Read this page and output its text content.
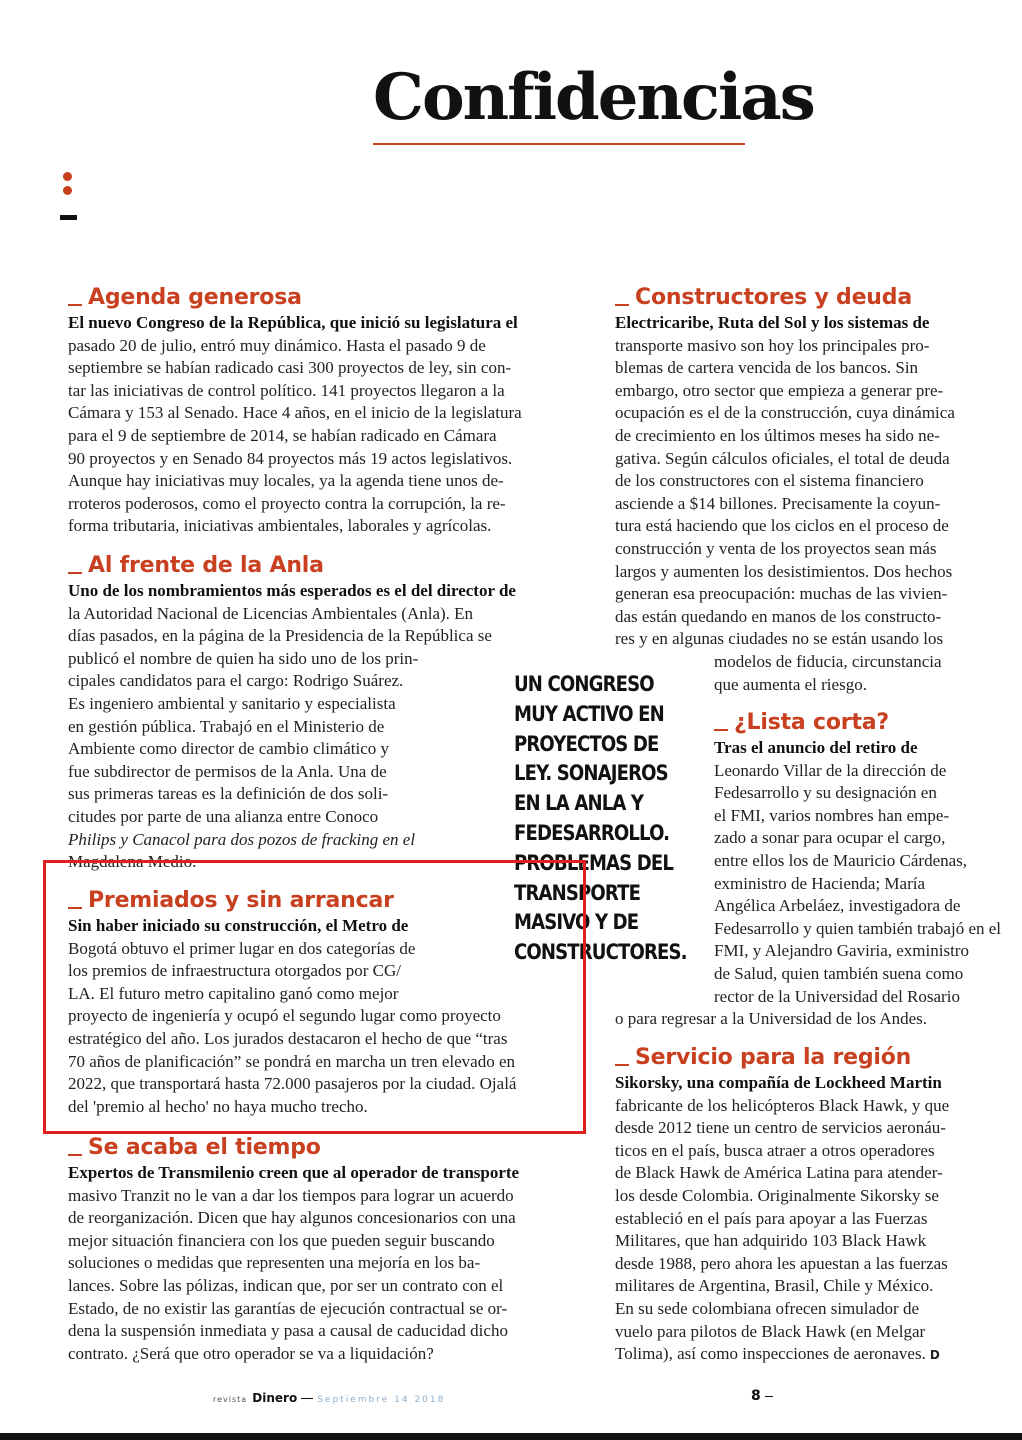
Confidencias
Agenda generosa
El nuevo Congreso de la República, que inició su legislatura el
pasado 20 de julio, entró muy dinámico. Hasta el pasado 9 de
septiembre se habían radicado casi 300 proyectos de ley, sin con-
tar las iniciativas de control político. 141 proyectos llegaron a la
Cámara y 153 al Senado. Hace 4 años, en el inicio de la legislatura
para el 9 de septiembre de 2014, se habían radicado en Cámara
90 proyectos y en Senado 84 proyectos más 19 actos legislativos.
Aunque hay iniciativas muy locales, ya la agenda tiene unos de-
rroteros poderosos, como el proyecto contra la corrupción, la re-
forma tributaria, iniciativas ambientales, laborales y agrícolas.
Al frente de la Anla
Uno de los nombramientos más esperados es el del director de
la Autoridad Nacional de Licencias Ambientales (Anla). En
días pasados, en la página de la Presidencia de la República se
publicó el nombre de quien ha sido uno de los prin-
cipales candidatos para el cargo: Rodrigo Suárez.
Es ingeniero ambiental y sanitario y especialista
en gestión pública. Trabajó en el Ministerio de
Ambiente como director de cambio climático y
fue subdirector de permisos de la Anla. Una de
sus primeras tareas es la definición de dos soli-
citudes por parte de una alianza entre Conoco
Philips y Canacol para dos pozos de fracking en el
Magdalena Medio.
Premiados y sin arrancar
Sin haber iniciado su construcción, el Metro de
Bogotá obtuvo el primer lugar en dos categorías de
los premios de infraestructura otorgados por CG/
LA. El futuro metro capitalino ganó como mejor
proyecto de ingeniería y ocupó el segundo lugar como proyecto
estratégico del año. Los jurados destacaron el hecho de que “tras
70 años de planificación” se pondrá en marcha un tren elevado en
2022, que transportará hasta 72.000 pasajeros por la ciudad. Ojalá
del 'premio al hecho' no haya mucho trecho.
Se acaba el tiempo
Expertos de Transmilenio creen que al operador de transporte
masivo Tranzit no le van a dar los tiempos para lograr un acuerdo
de reorganización. Dicen que hay algunos concesionarios con una
mejor situación financiera con los que pueden seguir buscando
soluciones o medidas que representen una mejoría en los ba-
lances. Sobre las pólizas, indican que, por ser un contrato con el
Estado, de no existir las garantías de ejecución contractual se or-
dena la suspensión inmediata y pasa a causal de caducidad dicho
contrato. ¿Será que otro operador se va a liquidación?
Constructores y deuda
Electricaribe, Ruta del Sol y los sistemas de
transporte masivo son hoy los principales pro-
blemas de cartera vencida de los bancos. Sin
embargo, otro sector que empieza a generar pre-
ocupación es el de la construcción, cuya dinámica
de crecimiento en los últimos meses ha sido ne-
gativa. Según cálculos oficiales, el total de deuda
de los constructores con el sistema financiero
asciende a $14 billones. Precisamente la coyun-
tura está haciendo que los ciclos en el proceso de
construcción y venta de los proyectos sean más
largos y aumenten los desistimientos. Dos hechos
generan esa preocupación: muchas de las vivien-
das están quedando en manos de los constructo-
res y en algunas ciudades no se están usando los
modelos de fiducia, circunstancia
que aumenta el riesgo.
¿Lista corta?
Tras el anuncio del retiro de
Leonardo Villar de la dirección de
Fedesarrollo y su designación en
el FMI, varios nombres han empe-
zado a sonar para ocupar el cargo,
entre ellos los de Mauricio Cárdenas,
exministro de Hacienda; María
Angélica Arbeláez, investigadora de
Fedesarrollo y quien también trabajó en el
FMI, y Alejandro Gaviria, exministro
de Salud, quien también suena como
rector de la Universidad del Rosario
o para regresar a la Universidad de los Andes.
Servicio para la región
Sikorsky, una compañía de Lockheed Martin
fabricante de los helicópteros Black Hawk, y que
desde 2012 tiene un centro de servicios aeronáu-
ticos en el país, busca atraer a otros operadores
de Black Hawk de América Latina para atender-
los desde Colombia. Originalmente Sikorsky se
estableció en el país para apoyar a las Fuerzas
Militares, que han adquirido 103 Black Hawk
desde 1988, pero ahora les apuestan a las fuerzas
militares de Argentina, Brasil, Chile y México.
En su sede colombiana ofrecen simulador de
vuelo para pilotos de Black Hawk (en Melgar
Tolima), así como inspecciones de aeronaves. D
UN CONGRESO
MUY ACTIVO EN
PROYECTOS DE
LEY. SONAJEROS
EN LA ANLA Y
FEDESARROLLO.
PROBLEMAS DEL
TRANSPORTE
MASIVO Y DE
CONSTRUCTORES.
revista Dinero Septiembre 14 2018	8
